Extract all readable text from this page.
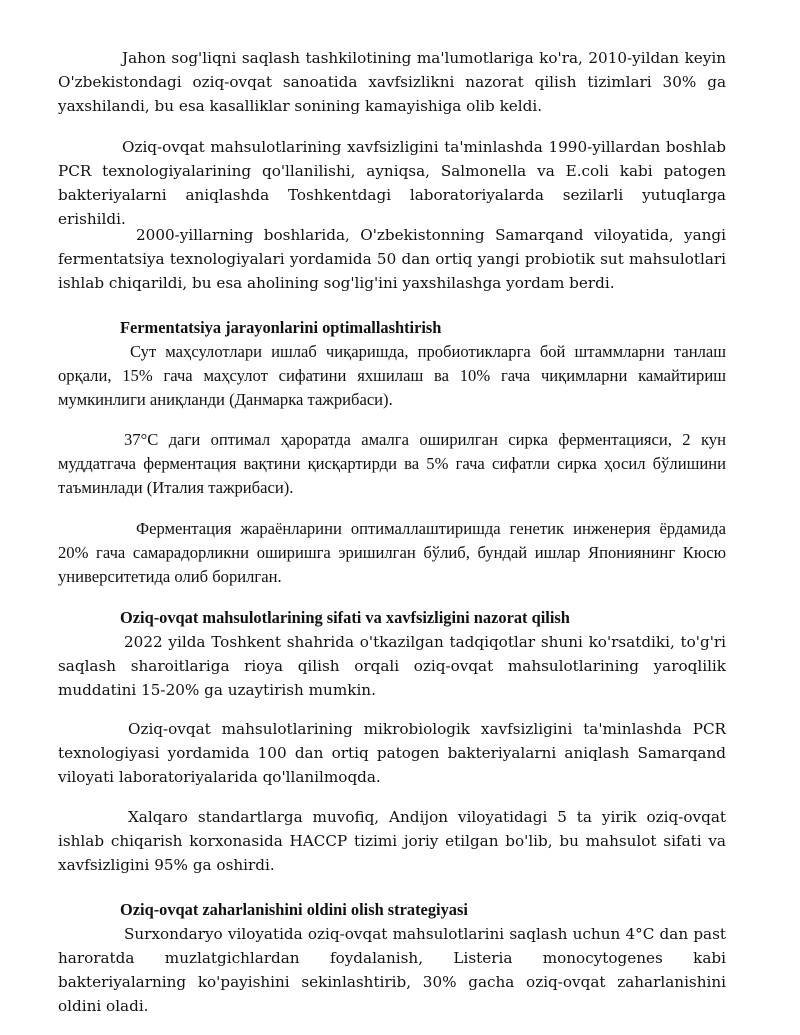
Jahon sog'liqni saqlash tashkilotining ma'lumotlariga ko'ra, 2010-yildan keyin O'zbekistondagi oziq-ovqat sanoatida xavfsizlikni nazorat qilish tizimlari 30% ga yaxshilandi, bu esa kasalliklar sonining kamayishiga olib keldi.

Oziq-ovqat mahsulotlarining xavfsizligini ta'minlashda 1990-yillardan boshlab PCR texnologiyalarining qo'llanilishi, ayniqsa, Salmonella va E.coli kabi patogen bakteriyalarni aniqlashda Toshkentdagi laboratoriyalarda sezilarli yutuqlarga erishildi.

2000-yillarning boshlarida, O'zbekistonning Samarqand viloyatida, yangi fermentatsiya texnologiyalari yordamida 50 dan ortiq yangi probiotik sut mahsulotlari ishlab chiqarildi, bu esa aholining sog'lig'ini yaxshilashga yordam berdi.

Fermentatsiya jarayonlarini optimallashtirish

Сут маҳсулотлари ишлаб чиқаришда, пробиотикларга бой штаммларни танлаш орқали, 15% гача маҳсулот сифатини яхшилаш ва 10% гача чиқимларни камайтириш мумкинлиги аниқланди (Данмарка тажрибаси).

37°C даги оптимал ҳароратда амалга оширилган сирка ферментацияси, 2 кун муддатгача ферментация вақтини қисқартирди ва 5% гача сифатли сирка ҳосил бўлишини таъминлади (Италия тажрибаси).

Ферментация жараёнларини оптималлаштиришда генетик инженерия ёрдамида 20% гача самарадорликни оширишга эришилган бўлиб, бундай ишлар Япониянинг Кюсю университетида олиб борилган.

Oziq-ovqat mahsulotlarining sifati va xavfsizligini nazorat qilish

2022 yilda Toshkent shahrida o'tkazilgan tadqiqotlar shuni ko'rsatdiki, to'g'ri saqlash sharoitlariga rioya qilish orqali oziq-ovqat mahsulotlarining yaroqlilik muddatini 15-20% ga uzaytirish mumkin.

Oziq-ovqat mahsulotlarining mikrobiologik xavfsizligini ta'minlashda PCR texnologiyasi yordamida 100 dan ortiq patogen bakteriyalarni aniqlash Samarqand viloyati laboratoriyalarida qo'llanilmoqda.

Xalqaro standartlarga muvofiq, Andijon viloyatidagi 5 ta yirik oziq-ovqat ishlab chiqarish korxonasida HACCP tizimi joriy etilgan bo'lib, bu mahsulot sifati va xavfsizligini 95% ga oshirdi.

Oziq-ovqat zaharlanishini oldini olish strategiyasi

Surxondaryo viloyatida oziq-ovqat mahsulotlarini saqlash uchun 4°C dan past haroratda muzlatgichlardan foydalanish, Listeria monocytogenes kabi bakteriyalarning ko'payishini sekinlashtirib, 30% gacha oziq-ovqat zaharlanishini oldini oladi.
